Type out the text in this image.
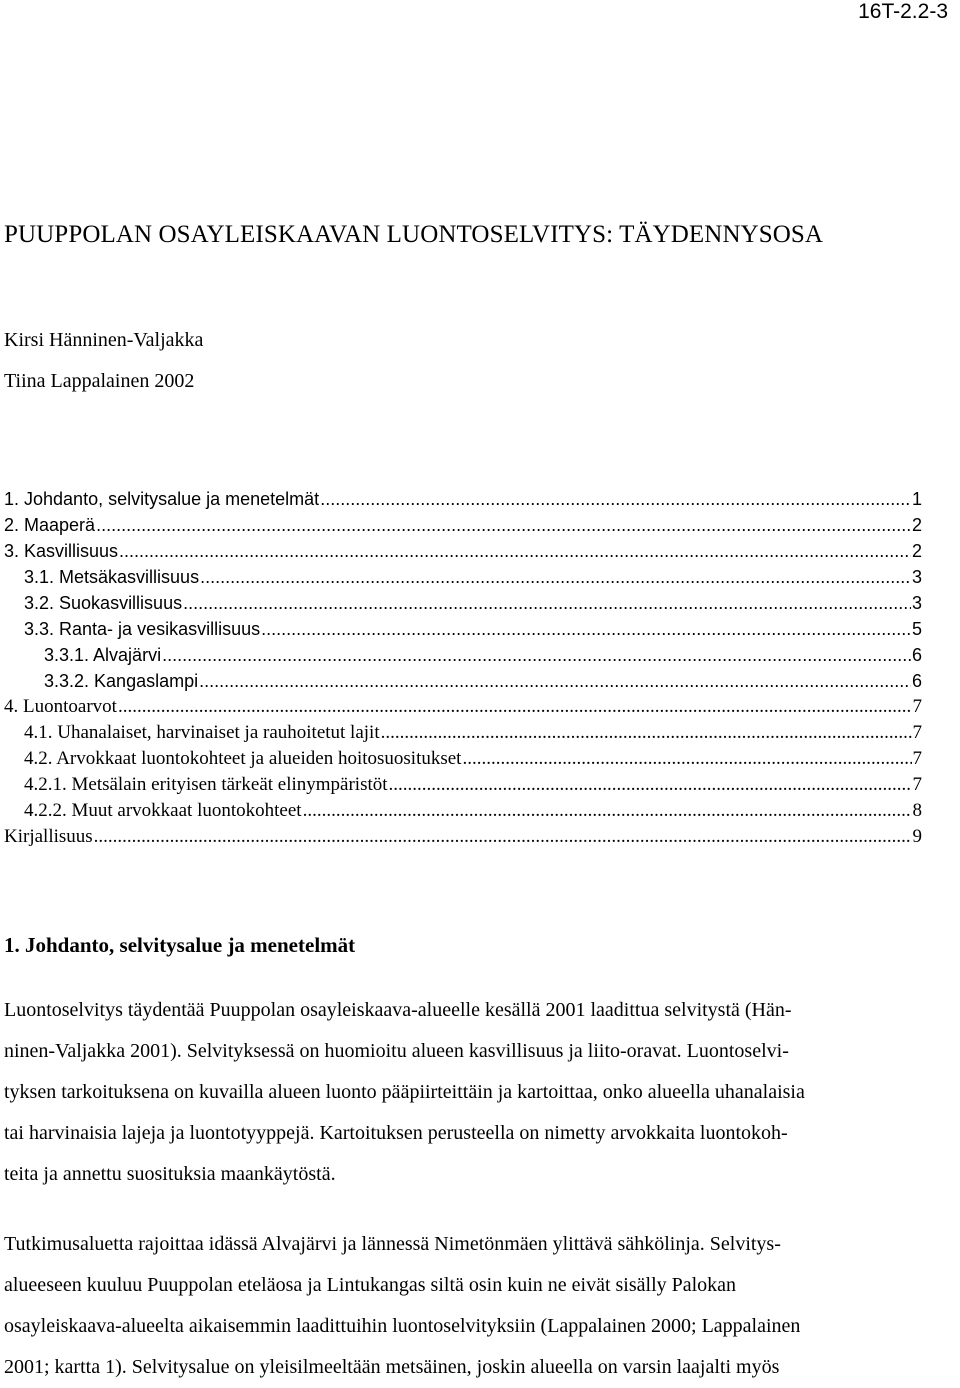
16T-2.2-3
PUUPPOLAN OSAYLEISKAAVAN LUONTOSELVITYS: TÄYDENNYSOSA
Kirsi Hänninen-Valjakka
Tiina Lappalainen 2002
1. Johdanto, selvitysalue ja menetelmät .....	1
2. Maaperä .....	2
3. Kasvillisuus .....	2
3.1. Metsäkasvillisuus .....	3
3.2. Suokasvillisuus .....	3
3.3. Ranta- ja vesikasvillisuus .....	5
3.3.1. Alvajärvi .....	6
3.3.2. Kangaslampi .....	6
4. Luontoarvot .....	7
4.1. Uhanalaiset, harvinaiset ja rauhoitetut lajit .....	7
4.2. Arvokkaat luontokohteet ja alueiden hoitosuositukset .....	7
4.2.1. Metsälain erityisen tärkeät elinympäristöt .....	7
4.2.2. Muut arvokkaat luontokohteet .....	8
Kirjallisuus .....	9
1. Johdanto, selvitysalue ja menetelmät
Luontoselvitys täydentää Puuppolan osayleiskaava-alueelle kesällä 2001 laadittua selvitystä (Hän-
ninen-Valjakka 2001). Selvityksessä on huomioitu alueen kasvillisuus ja liito-oravat. Luontoselvi-
tyksen tarkoituksena on kuvailla alueen luonto pääpiirteittäin ja kartoittaa, onko alueella uhanalaisia
tai harvinaisia lajeja ja luontotyyppejä. Kartoituksen perusteella on nimetty arvokkaita luontokoh-
teita ja annettu suosituksia maankäytöstä.
Tutkimusaluetta rajoittaa idässä Alvajärvi ja lännessä Nimetönmäen ylittävä sähkölinja. Selvitys-
alueeseen kuuluu Puuppolan eteläosa ja Lintukangas siltä osin kuin ne eivät sisälly Palokan
osayleiskaava-alueelta aikaisemmin laadittuihin luontoselvityksiin (Lappalainen 2000; Lappalainen
2001; kartta 1). Selvitysalue on yleisilmeeltään metsäinen, joskin alueella on varsin laajalti myös
